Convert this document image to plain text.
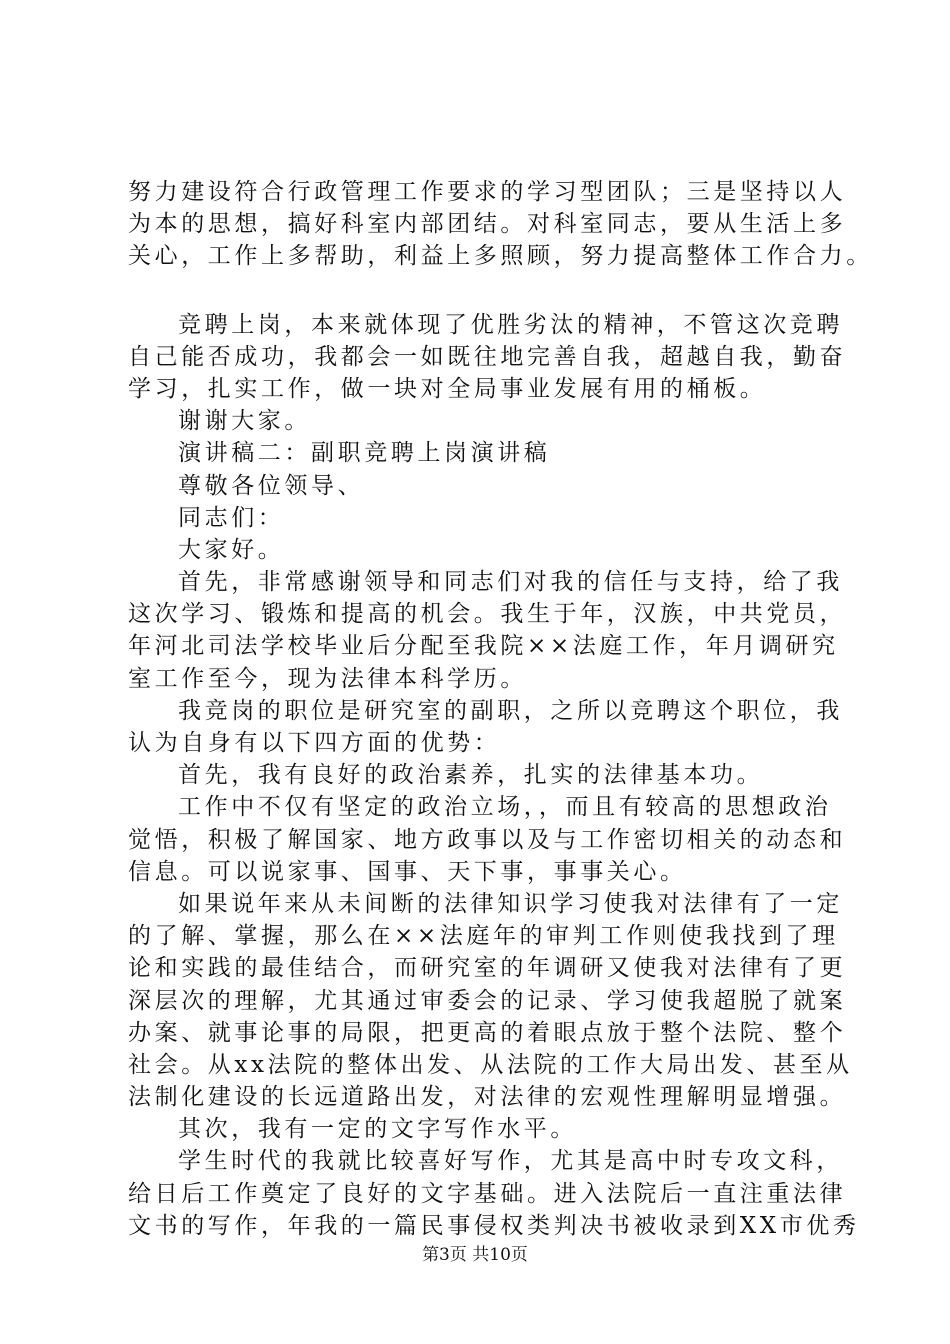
努力建设符合行政管理工作要求的学习型团队；三是坚持以人

为本的思想，搞好科室内部团结。对科室同志，要从生活上多

关心，工作上多帮助，利益上多照顾，努力提高整体工作合力。

竞聘上岗，本来就体现了优胜劣汰的精神，不管这次竞聘

自己能否成功，我都会一如既往地完善自我，超越自我，勤奋

学习，扎实工作，做一块对全局事业发展有用的桶板。

谢谢大家。

演讲稿二：副职竞聘上岗演讲稿

尊敬各位领导、

同志们：

大家好。

首先，非常感谢领导和同志们对我的信任与支持，给了我

这次学习、锻炼和提高的机会。我生于年，汉族，中共党员，

年河北司法学校毕业后分配至我院××法庭工作，年月调研究

室工作至今，现为法律本科学历。

我竞岗的职位是研究室的副职，之所以竞聘这个职位，我

认为自身有以下四方面的优势：

首先，我有良好的政治素养，扎实的法律基本功。

工作中不仅有坚定的政治立场，，而且有较高的思想政治

觉悟，积极了解国家、地方政事以及与工作密切相关的动态和

信息。可以说家事、国事、天下事，事事关心。

如果说年来从未间断的法律知识学习使我对法律有了一定

的了解、掌握，那么在××法庭年的审判工作则使我找到了理

论和实践的最佳结合，而研究室的年调研又使我对法律有了更

深层次的理解，尤其通过审委会的记录、学习使我超脱了就案

办案、就事论事的局限，把更高的着眼点放于整个法院、整个

社会。从xx法院的整体出发、从法院的工作大局出发、甚至从

法制化建设的长远道路出发，对法律的宏观性理解明显增强。

其次，我有一定的文字写作水平。

学生时代的我就比较喜好写作，尤其是高中时专攻文科，

给日后工作奠定了良好的文字基础。进入法院后一直注重法律

文书的写作，年我的一篇民事侵权类判决书被收录到XX市优秀

第3页 共10页
